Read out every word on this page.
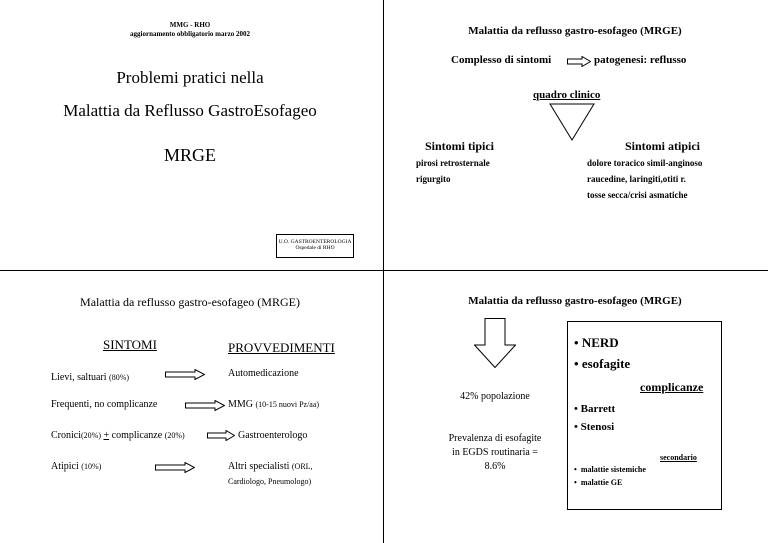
MMG - RHO
aggiornamento obbligatorio marzo 2002
Problemi pratici nella
Malattia da Reflusso GastroEsofageo
MRGE
U.O. GASTROENTEROLOGIA
Ospedale di RHO
Malattia da reflusso gastro-esofageo (MRGE)
Complesso di sintomi	patogenesi: reflusso
quadro clinico
Sintomi tipici
pirosi retrosternale
rigurgito
Sintomi atipici
dolore toracico simil-anginoso
raucedine, laringiti,otiti r.
tosse secca/crisi asmatiche
Malattia da reflusso gastro-esofageo (MRGE)
SINTOMI	PROVVEDIMENTI
Lievi, saltuari (80%)	Automedicazione
Frequenti, no complicanze	MMG (10-15 nuovi Pz/aa)
Cronici(20%) + complicanze (20%)	Gastroenterologo
Atipici (10%)	Altri specialisti (ORL,
Cardiologo, Pneumologo)
Malattia da reflusso gastro-esofageo (MRGE)
42% popolazione
Prevalenza di esofagite
in EGDS routinaria =
8.6%
• NERD
• esofagite
complicanze
• Barrett
• Stenosi
secondario
•  malattie sistemiche
•  malattie GE
